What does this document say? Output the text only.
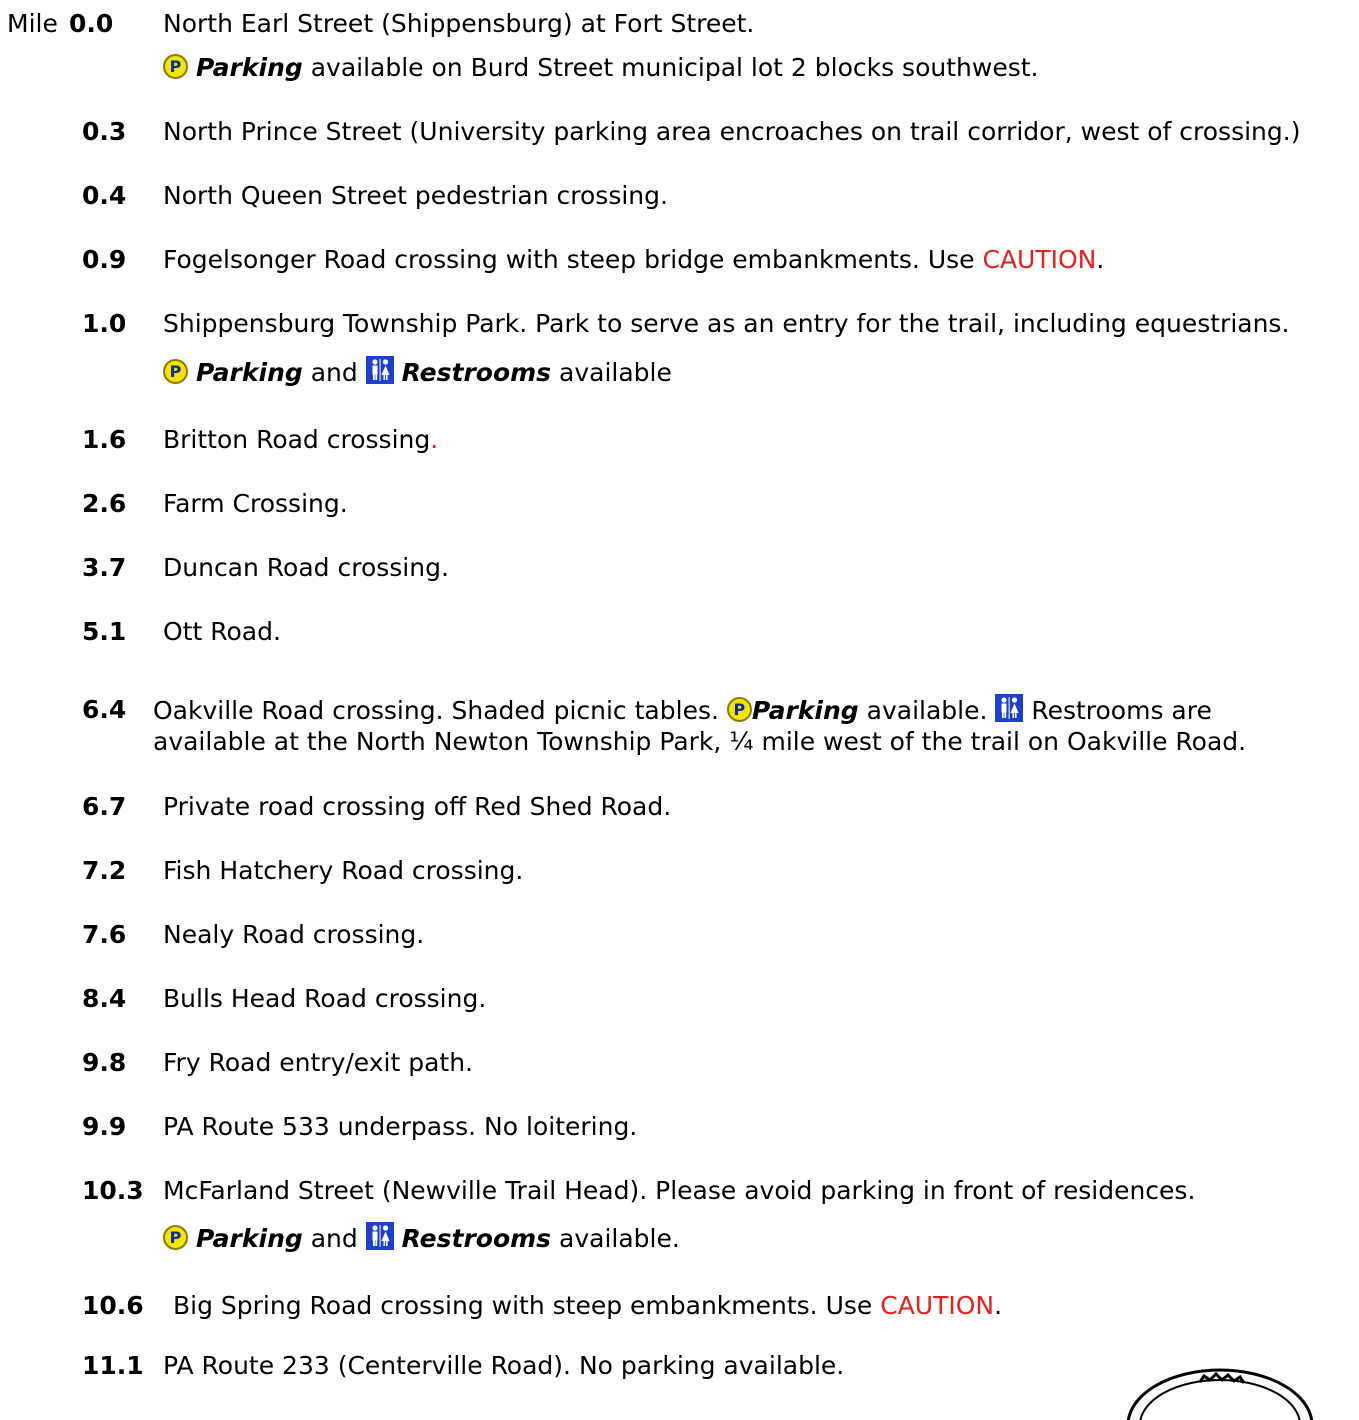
Mile 0.0 North Earl Street (Shippensburg) at Fort Street.
P Parking available on Burd Street municipal lot 2 blocks southwest.
0.3 North Prince Street (University parking area encroaches on trail corridor, west of crossing.)
0.4 North Queen Street pedestrian crossing.
0.9 Fogelsonger Road crossing with steep bridge embankments. Use CAUTION.
1.0 Shippensburg Township Park. Park to serve as an entry for the trail, including equestrians.
P Parking and  Restrooms available
1.6 Britton Road crossing.
2.6 Farm Crossing.
3.7 Duncan Road crossing.
5.1 Ott Road.
6.4 Oakville Road crossing. Shaded picnic tables. P Parking available.  Restrooms are
available at the North Newton Township Park, ¼ mile west of the trail on Oakville Road.
6.7 Private road crossing off Red Shed Road.
7.2 Fish Hatchery Road crossing.
7.6 Nealy Road crossing.
8.4 Bulls Head Road crossing.
9.8 Fry Road entry/exit path.
9.9 PA Route 533 underpass. No loitering.
10.3 McFarland Street (Newville Trail Head). Please avoid parking in front of residences.
P Parking and  Restrooms available.
10.6 Big Spring Road crossing with steep embankments. Use CAUTION.
11.1 PA Route 233 (Centerville Road). No parking available.
